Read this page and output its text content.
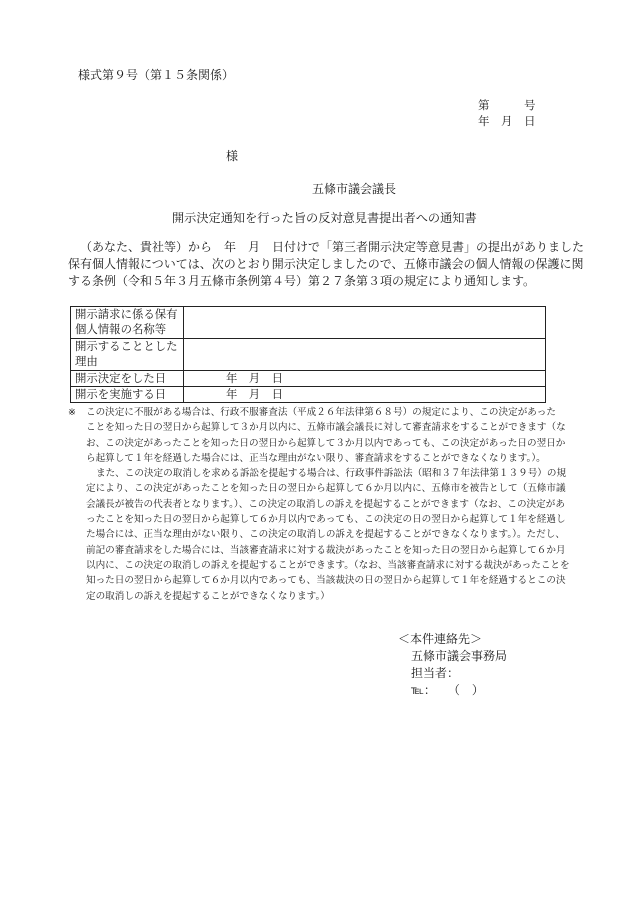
様式第９号（第１５条関係）

第　　　号

年　月　日

様

五條市議会議長

開示決定通知を行った旨の反対意見書提出者への通知書

（あなた、貴社等）から　年　月　日付けで「第三者開示決定等意見書」の提出がありました
保有個人情報については、次のとおり開示決定しましたので、五條市議会の個人情報の保護に関
する条例（令和５年３月五條市条例第４号）第２７条第３項の規定により通知します。
開示請求に係る保有個人情報の名称等	
開示することとした理由	
開示決定をした日	年　月　日
開示を実施する日	年　月　日
※ この決定に不服がある場合は、行政不服審査法（平成２６年法律第６８号）の規定により、この決定があった
ことを知った日の翌日から起算して３か月以内に、五條市議会議長に対して審査請求をすることができます（な
お、この決定があったことを知った日の翌日から起算して３か月以内であっても、この決定があった日の翌日か
ら起算して１年を経過した場合には、正当な理由がない限り、審査請求をすることができなくなります。）。
また、この決定の取消しを求める訴訟を提起する場合は、行政事件訴訟法（昭和３７年法律第１３９号）の規
定により、この決定があったことを知った日の翌日から起算して６か月以内に、五條市を被告として（五條市議
会議長が被告の代表者となります。）、この決定の取消しの訴えを提起することができます（なお、この決定があ
ったことを知った日の翌日から起算して６か月以内であっても、この決定の日の翌日から起算して１年を経過し
た場合には、正当な理由がない限り、この決定の取消しの訴えを提起することができなくなります。）。ただし、
前記の審査請求をした場合には、当該審査請求に対する裁決があったことを知った日の翌日から起算して６か月
以内に、この決定の取消しの訴えを提起することができます。（なお、当該審査請求に対する裁決があったことを
知った日の翌日から起算して６か月以内であっても、当該裁決の日の翌日から起算して１年を経過するとこの決
定の取消しの訴えを提起することができなくなります。）

＜本件連絡先＞

五條市議会事務局

担当者：

℡：　　（　）
